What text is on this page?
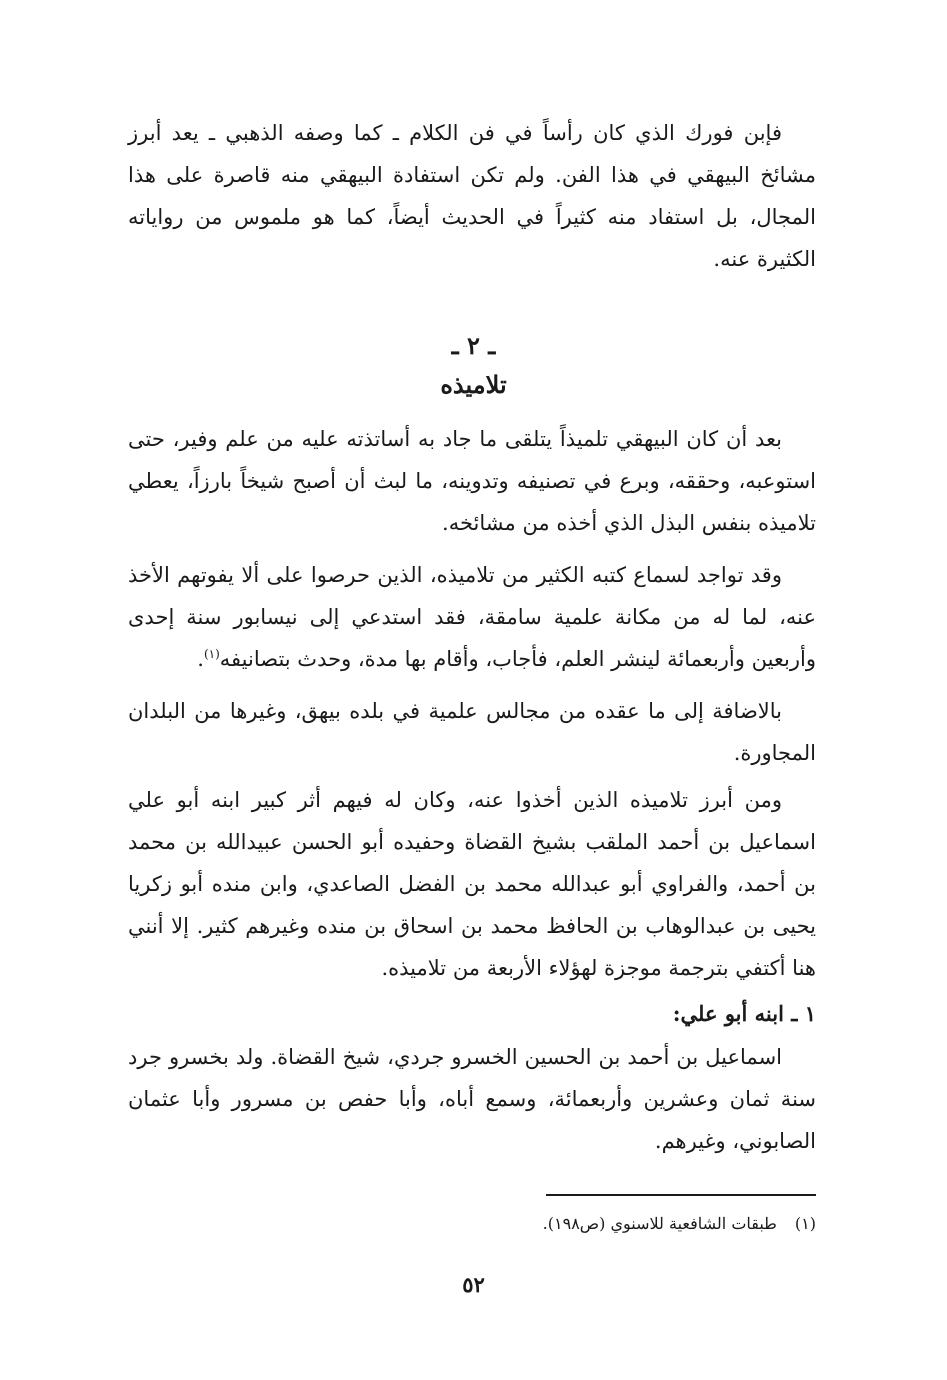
فإبن فورك الذي كان رأساً في فن الكلام ـ كما وصفه الذهبي ـ يعد أبرز مشائخ البيهقي في هذا الفن. ولم تكن استفادة البيهقي منه قاصرة على هذا المجال، بل استفاد منه كثيراً في الحديث أيضاً، كما هو ملموس من رواياته الكثيرة عنه.

ـ ٢ ـ

تلاميذه

بعد أن كان البيهقي تلميذاً يتلقى ما جاد به أساتذته عليه من علم وفير، حتى استوعبه، وحققه، وبرع في تصنيفه وتدوينه، ما لبث أن أصبح شيخاً بارزاً، يعطي تلاميذه بنفس البذل الذي أخذه من مشائخه.

وقد تواجد لسماع كتبه الكثير من تلاميذه، الذين حرصوا على ألا يفوتهم الأخذ عنه، لما له من مكانة علمية سامقة، فقد استدعي إلى نيسابور سنة إحدى وأربعين وأربعمائة لينشر العلم، فأجاب، وأقام بها مدة، وحدث بتصانيفه$^{(١)}$.

بالاضافة إلى ما عقده من مجالس علمية في بلده بيهق، وغيرها من البلدان المجاورة.

ومن أبرز تلاميذه الذين أخذوا عنه، وكان له فيهم أثر كبير ابنه أبو علي اسماعيل بن أحمد الملقب بشيخ القضاة وحفيده أبو الحسن عبيدالله بن محمد بن أحمد، والفراوي أبو عبدالله محمد بن الفضل الصاعدي، وابن منده أبو زكريا يحيى بن عبدالوهاب بن الحافظ محمد بن اسحاق بن منده وغيرهم كثير. إلا أنني هنا أكتفي بترجمة موجزة لهؤلاء الأربعة من تلاميذه.

١ ـ ابنه أبو علي:

اسماعيل بن أحمد بن الحسين الخسرو جردي، شيخ القضاة. ولد بخسرو جرد سنة ثمان وعشرين وأربعمائة، وسمع أباه، وأبا حفص بن مسرور وأبا عثمان الصابوني، وغيرهم.

(١)طبقات الشافعية للاسنوي (ص١٩٨).

٥٢
